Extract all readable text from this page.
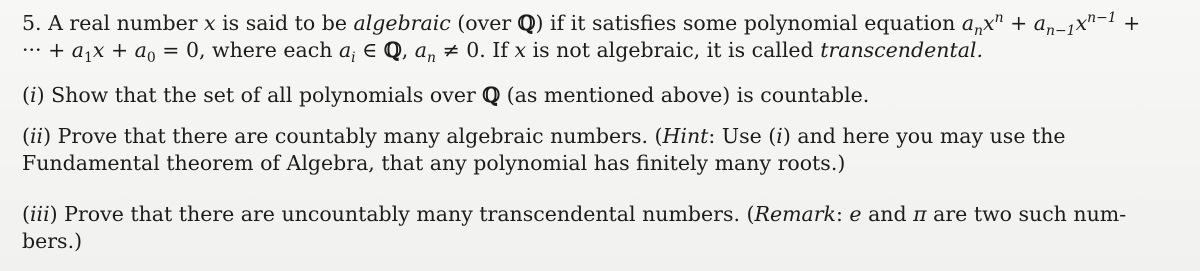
5. A real number x is said to be algebraic (over ℚ) if it satisfies some polynomial equation $a_nx^n + a_{n-1}x^{n-1}$ +
··· + $a_1x + a_0 = 0$, where each $a_i$ ∈ ℚ, $a_n \ne 0$. If x is not algebraic, it is called transcendental.
(i) Show that the set of all polynomials over ℚ (as mentioned above) is countable.
(ii) Prove that there are countably many algebraic numbers. (Hint: Use (i) and here you may use the
Fundamental theorem of Algebra, that any polynomial has finitely many roots.)
(iii) Prove that there are uncountably many transcendental numbers. (Remark: e and π are two such num-
bers.)
